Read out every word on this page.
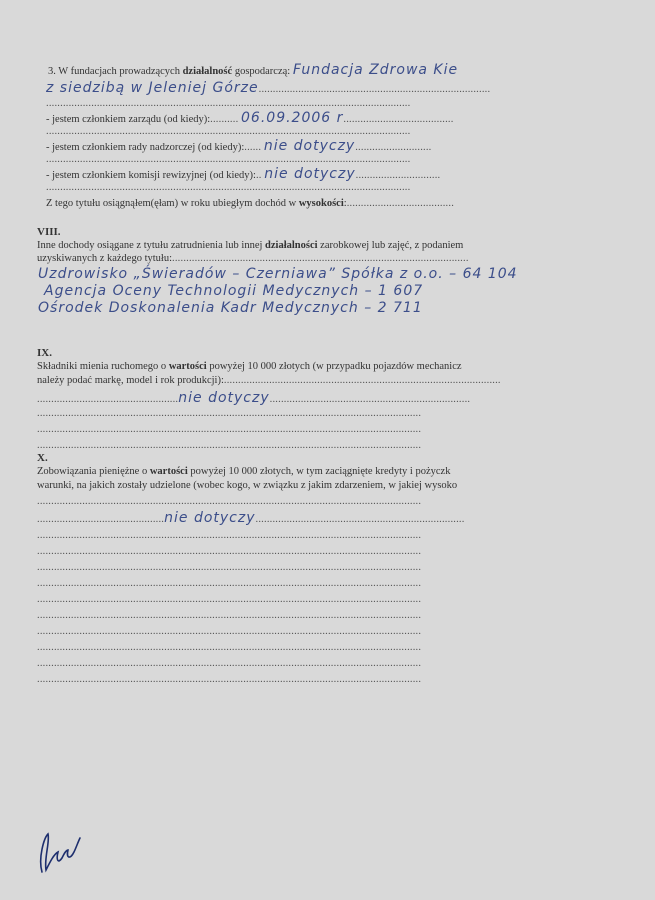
3. W fundacjach prowadzących działalność gospodarczą: Fundacja Zdrowa Kie
z siedzibą w Jeleniej Górze..................................................................................
.................................................................................................................................
- jestem członkiem zarządu (od kiedy):.......... 06.09.2006 r.......................................
.................................................................................................................................
- jestem członkiem rady nadzorczej (od kiedy):...... nie dotyczy...........................
.................................................................................................................................
- jestem członkiem komisji rewizyjnej (od kiedy):.. nie dotyczy..............................
.................................................................................................................................
Z tego tytułu osiągnąłem(ęłam) w roku ubiegłym dochód w wysokości:......................................
VIII.
Inne dochody osiągane z tytułu zatrudnienia lub innej działalności zarobkowej lub zajęć, z podaniem
uzyskiwanych z każdego tytułu:.........................................................................................................
Uzdrowisko „Świeradów – Czerniawa” Spółka z o.o. – 64 104
Agencja Oceny Technologii Medycznych – 1 607
Ośrodek Doskonalenia Kadr Medycznych – 2 711
IX.
Składniki mienia ruchomego o wartości powyżej 10 000 złotych (w przypadku pojazdów mechanicz
należy podać markę, model i rok produkcji):..................................................................................................
..................................................nie dotyczy.......................................................................
........................................................................................................................................
........................................................................................................................................
........................................................................................................................................
X.
Zobowiązania pieniężne o wartości powyżej 10 000 złotych, w tym zaciągnięte kredyty i pożyczk
warunki, na jakich zostały udzielone (wobec kogo, w związku z jakim zdarzeniem, w jakiej wysoko
........................................................................................................................................
.............................................nie dotyczy..........................................................................
........................................................................................................................................
........................................................................................................................................
........................................................................................................................................
........................................................................................................................................
........................................................................................................................................
........................................................................................................................................
........................................................................................................................................
........................................................................................................................................
........................................................................................................................................
........................................................................................................................................
